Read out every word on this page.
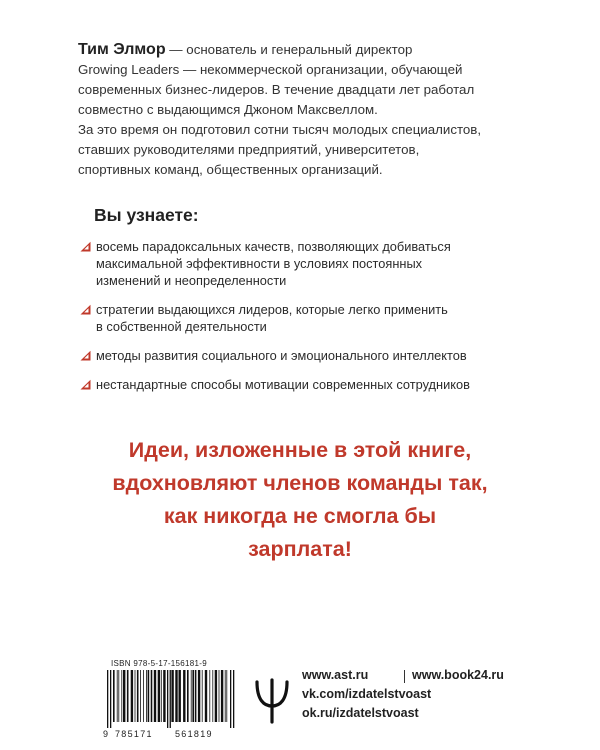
Тим Элмор — основатель и генеральный директор

Growing Leaders — некоммерческой организации, обучающей

современных бизнес-лидеров. В течение двадцати лет работал

совместно с выдающимся Джоном Максвеллом.

За это время он подготовил сотни тысяч молодых специалистов,

ставших руководителями предприятий, университетов,

спортивных команд, общественных организаций.

Вы узнаете:
восемь парадоксальных качеств, позволяющих добиваться
максимальной эффективности в условиях постоянных
изменений и неопределенности
стратегии выдающихся лидеров, которые легко применить
в собственной деятельности
методы развития социального и эмоционального интеллектов
нестандартные способы мотивации современных сотрудников

Идеи, изложенные в этой книге,
вдохновляют членов команды так,
как никогда не смогла бы
зарплата!

ISBN 978-5-17-156181-9

9 785171 561819
www.ast.ru	www.book24.ru
vk.com/izdatelstvoast
ok.ru/izdatelstvoast
